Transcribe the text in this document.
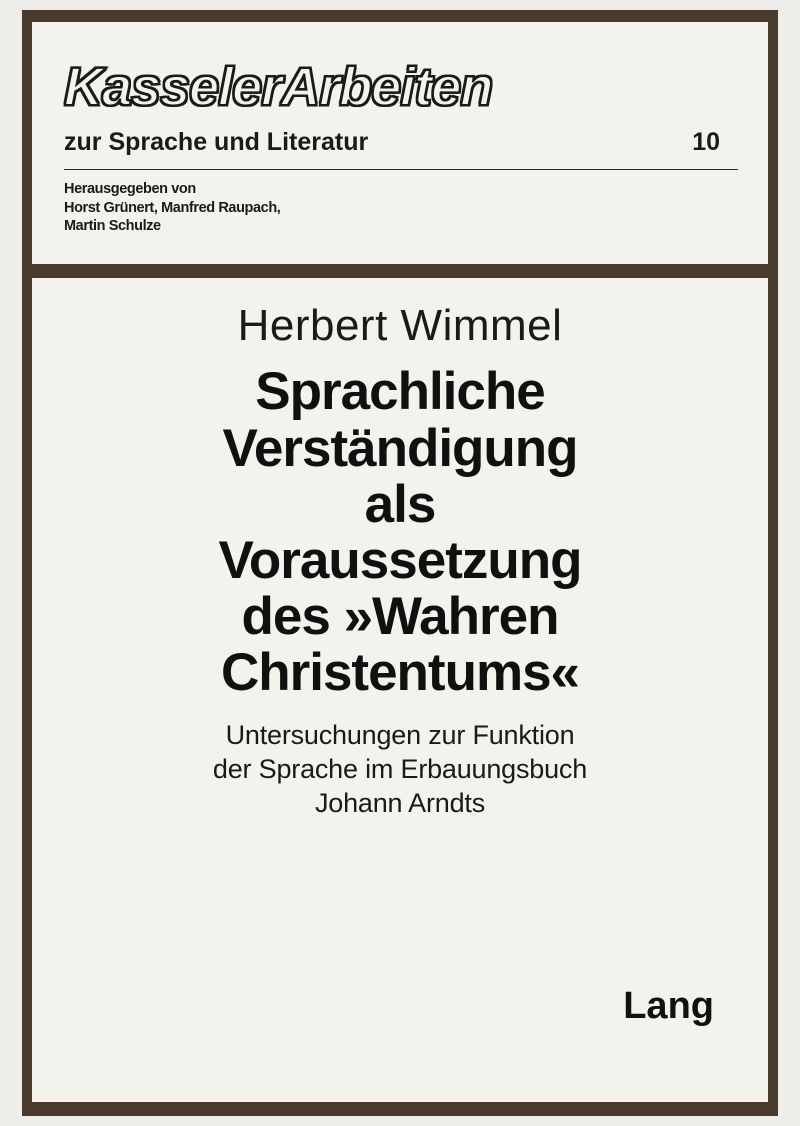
KasselerArbeiten
zur Sprache und Literatur	10
Herausgegeben von
Horst Grünert, Manfred Raupach,
Martin Schulze
Herbert Wimmel
Sprachliche
Verständigung
als
Voraussetzung
des »Wahren
Christentums«
Untersuchungen zur Funktion
der Sprache im Erbauungsbuch
Johann Arndts
Lang
